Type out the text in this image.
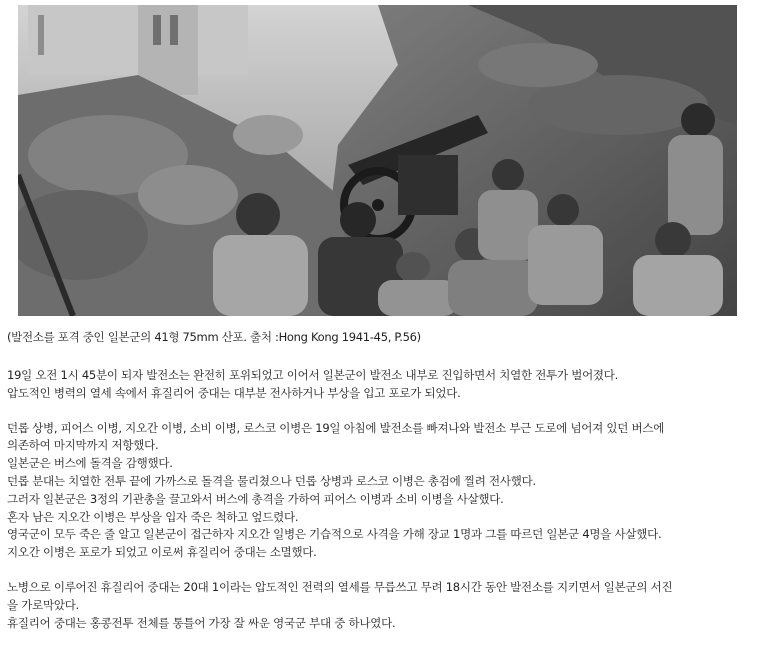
(발전소를 포격 중인 일본군의 41형 75mm 산포. 출처 :Hong Kong 1941-45, P.56)
19일 오전 1시 45분이 되자 발전소는 완전히 포위되었고 이어서 일본군이 발전소 내부로 진입하면서 치열한 전투가 벌어졌다.
압도적인 병력의 열세 속에서 휴질리어 중대는 대부분 전사하거나 부상을 입고 포로가 되었다.
던롭 상병, 피어스 이병, 지오간 이병, 소비 이병, 로스코 이병은 19일 아침에 발전소를 빠져나와 발전소 부근 도로에 넘어져 있던 버스에
의존하여 마지막까지 저항했다.
일본군은 버스에 돌격을 감행했다.
던롭 분대는 치열한 전투 끝에 가까스로 돌격을 물리쳤으나 던롭 상병과 로스코 이병은 총검에 찔려 전사했다.
그러자 일본군은 3정의 기관총을 끌고와서 버스에 총격을 가하여 피어스 이병과 소비 이병을 사살했다.
혼자 남은 지오간 이병은 부상을 입자 죽은 척하고 엎드렸다.
영국군이 모두 죽은 줄 알고 일본군이 접근하자 지오간 일병은 기습적으로 사격을 가해 장교 1명과 그를 따르던 일본군 4명을 사살했다.
지오간 이병은 포로가 되었고 이로써 휴질리어 중대는 소멸했다.
노병으로 이루어진 휴질리어 중대는 20대 1이라는 압도적인 전력의 열세를 무릅쓰고 무려 18시간 동안 발전소를 지키면서 일본군의 서진
을 가로막았다.
휴질리어 중대는 홍콩전투 전체를 통틀어 가장 잘 싸운 영국군 부대 중 하나였다.
